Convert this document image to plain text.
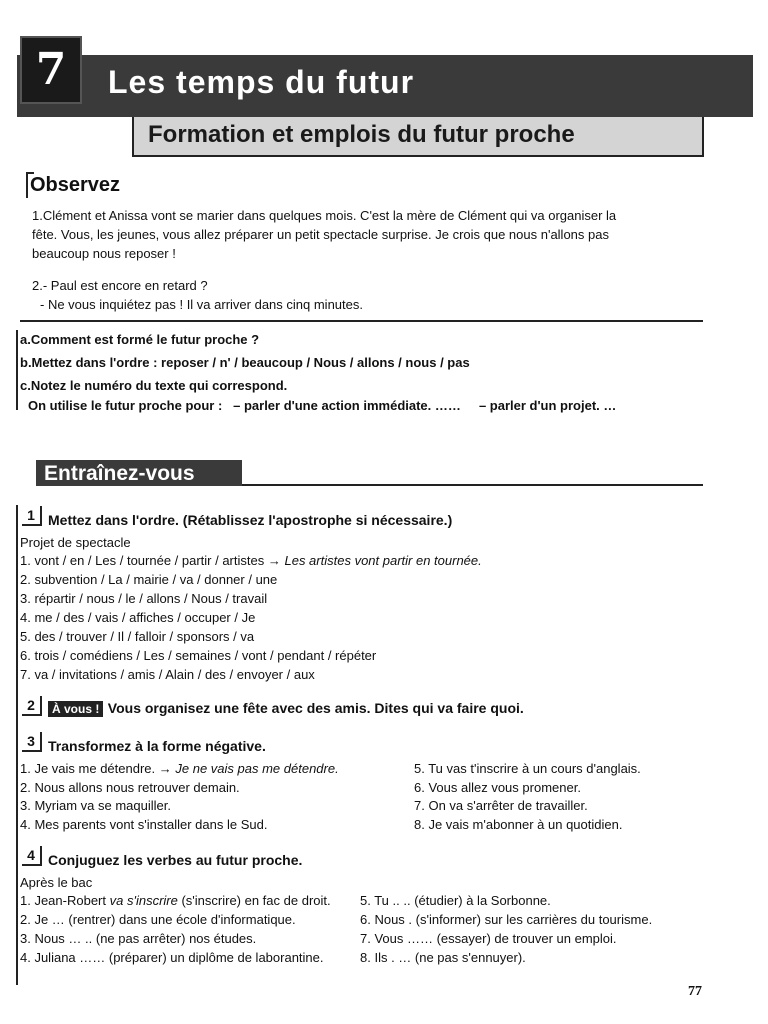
7	Les temps du futur
Formation et emplois du futur proche
Observez
1.Clément et Anissa vont se marier dans quelques mois. C'est la mère de Clément qui va organiser la
fête. Vous, les jeunes, vous allez préparer un petit spectacle surprise. Je crois que nous n'allons pas
beaucoup nous reposer !
2.- Paul est encore en retard ?
- Ne vous inquiétez pas ! Il va arriver dans cinq minutes.
a.Comment est formé le futur proche ?
b.Mettez dans l'ordre : reposer / n' / beaucoup / Nous / allons / nous / pas
c.Notez le numéro du texte qui correspond.
On utilise le futur proche pour :   – parler d'une action immédiate. ……     – parler d'un projet. …
Entraînez-vous
1 Mettez dans l'ordre. (Rétablissez l'apostrophe si nécessaire.)
Projet de spectacle
1. vont / en / Les / tournée / partir / artistes → Les artistes vont partir en tournée.
2. subvention / La / mairie / va / donner / une
3. répartir / nous / le / allons / Nous / travail
4. me / des / vais / affiches / occuper / Je
5. des / trouver / Il / falloir / sponsors / va
6. trois / comédiens / Les / semaines / vont / pendant / répéter
7. va / invitations / amis / Alain / des / envoyer / aux
2	À vous ! Vous organisez une fête avec des amis. Dites qui va faire quoi.
3 Transformez à la forme négative.
1. Je vais me détendre. → Je ne vais pas me détendre.
2. Nous allons nous retrouver demain.
3. Myriam va se maquiller.
4. Mes parents vont s'installer dans le Sud.
5. Tu vas t'inscrire à un cours d'anglais.
6. Vous allez vous promener.
7. On va s'arrêter de travailler.
8. Je vais m'abonner à un quotidien.
4 Conjuguez les verbes au futur proche.
Après le bac
1. Jean-Robert va s'inscrire (s'inscrire) en fac de droit.
2. Je … (rentrer) dans une école d'informatique.
3. Nous … .. (ne pas arrêter) nos études.
4. Juliana …… (préparer) un diplôme de laborantine.
5. Tu .. .. (étudier) à la Sorbonne.
6. Nous . (s'informer) sur les carrières du tourisme.
7. Vous …… (essayer) de trouver un emploi.
8. Ils . … (ne pas s'ennuyer).
77
